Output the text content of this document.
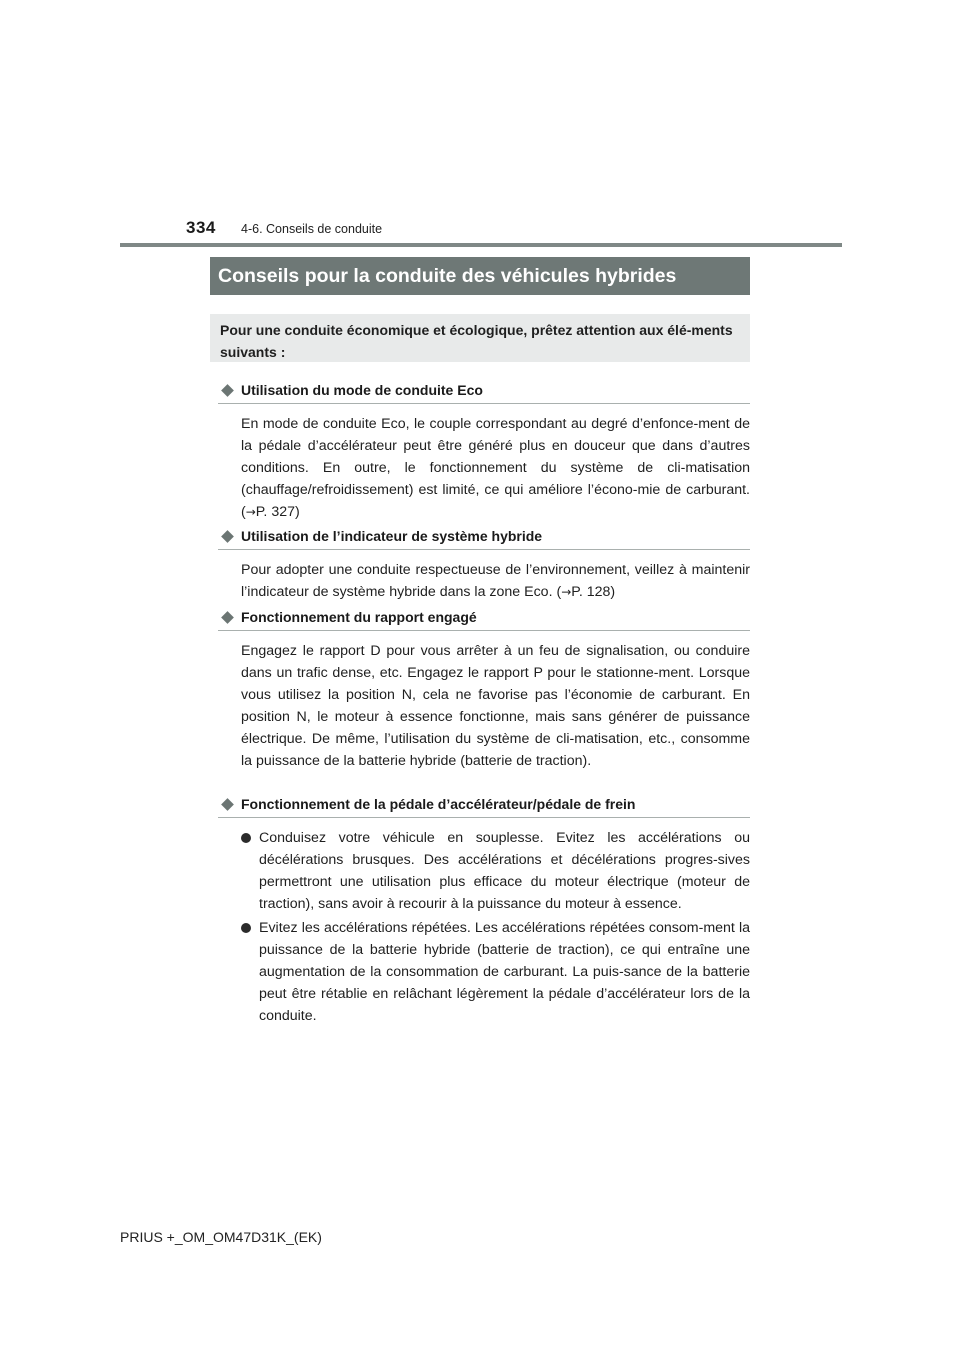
334 4-6. Conseils de conduite
Conseils pour la conduite des véhicules hybrides
Pour une conduite économique et écologique, prêtez attention aux élé-ments suivants :
Utilisation du mode de conduite Eco
En mode de conduite Eco, le couple correspondant au degré d’enfonce-ment de la pédale d’accélérateur peut être généré plus en douceur que dans d’autres conditions. En outre, le fonctionnement du système de cli-matisation (chauffage/refroidissement) est limité, ce qui améliore l’écono-mie de carburant. (→P. 327)
Utilisation de l’indicateur de système hybride
Pour adopter une conduite respectueuse de l’environnement, veillez à maintenir l’indicateur de système hybride dans la zone Eco. (→P. 128)
Fonctionnement du rapport engagé
Engagez le rapport D pour vous arrêter à un feu de signalisation, ou conduire dans un trafic dense, etc. Engagez le rapport P pour le stationne-ment. Lorsque vous utilisez la position N, cela ne favorise pas l’économie de carburant. En position N, le moteur à essence fonctionne, mais sans générer de puissance électrique. De même, l’utilisation du système de cli-matisation, etc., consomme la puissance de la batterie hybride (batterie de traction).
Fonctionnement de la pédale d’accélérateur/pédale de frein
Conduisez votre véhicule en souplesse. Evitez les accélérations ou décélérations brusques. Des accélérations et décélérations progres-sives permettront une utilisation plus efficace du moteur électrique (moteur de traction), sans avoir à recourir à la puissance du moteur à essence.
Evitez les accélérations répétées. Les accélérations répétées consom-ment la puissance de la batterie hybride (batterie de traction), ce qui entraîne une augmentation de la consommation de carburant. La puis-sance de la batterie peut être rétablie en relâchant légèrement la pédale d’accélérateur lors de la conduite.
PRIUS +_OM_OM47D31K_(EK)
